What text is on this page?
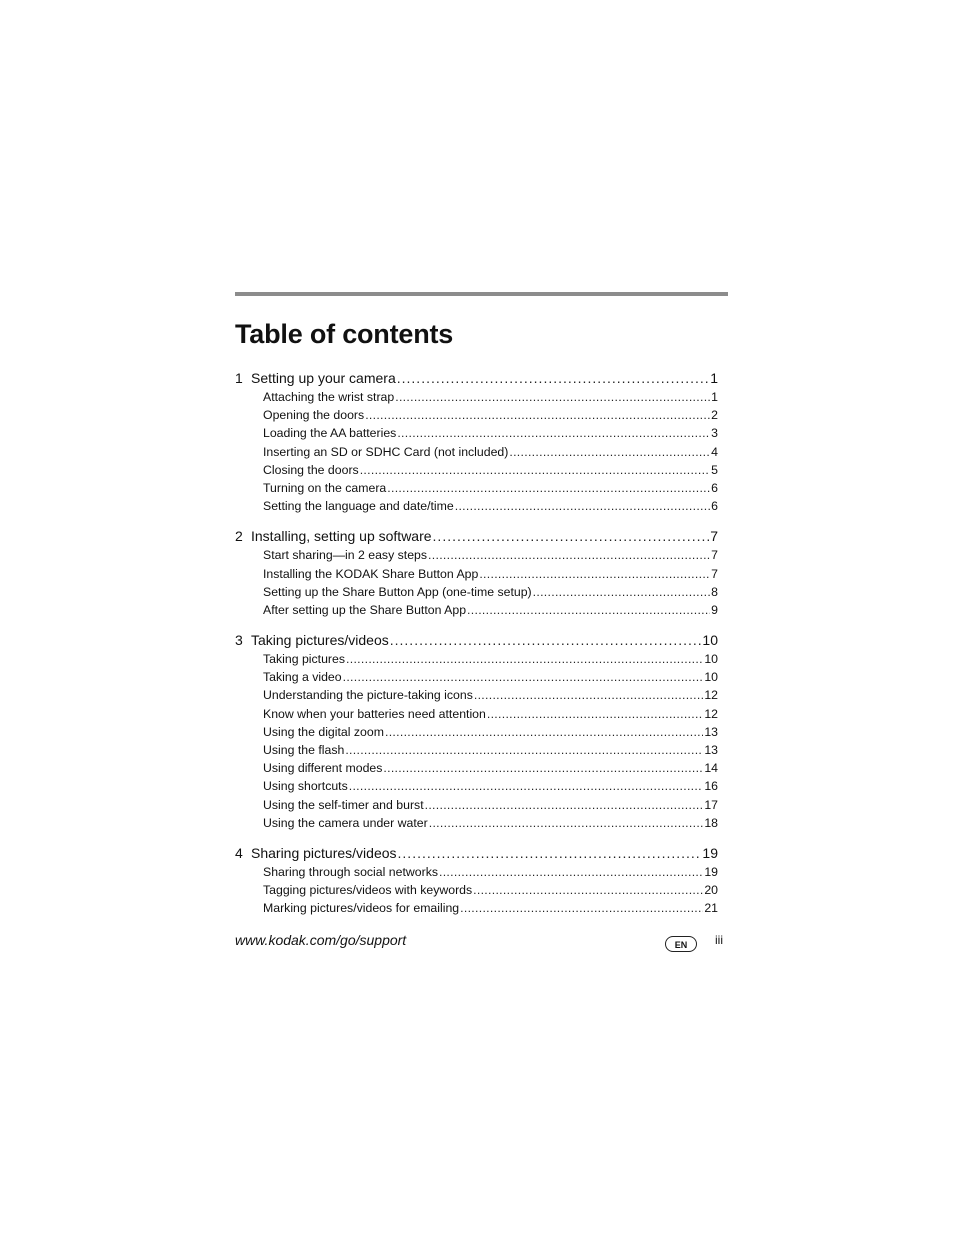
Table of contents
1 Setting up your camera .....	1
Attaching the wrist strap .....	1
Opening the doors .....	2
Loading the AA batteries .....	3
Inserting an SD or SDHC Card (not included) .....	4
Closing the doors .....	5
Turning on the camera .....	6
Setting the language and date/time .....	6
2 Installing, setting up software .....	7
Start sharing—in 2 easy steps .....	7
Installing the KODAK Share Button App .....	7
Setting up the Share Button App (one-time setup) .....	8
After setting up the Share Button App .....	9
3 Taking pictures/videos .....	10
Taking pictures .....	10
Taking a video .....	10
Understanding the picture-taking icons .....	12
Know when your batteries need attention .....	12
Using the digital zoom .....	13
Using the flash .....	13
Using different modes .....	14
Using shortcuts .....	16
Using the self-timer and burst .....	17
Using the camera under water .....	18
4 Sharing pictures/videos .....	19
Sharing through social networks .....	19
Tagging pictures/videos with keywords .....	20
Marking pictures/videos for emailing .....	21
www.kodak.com/go/support	EN	iii
